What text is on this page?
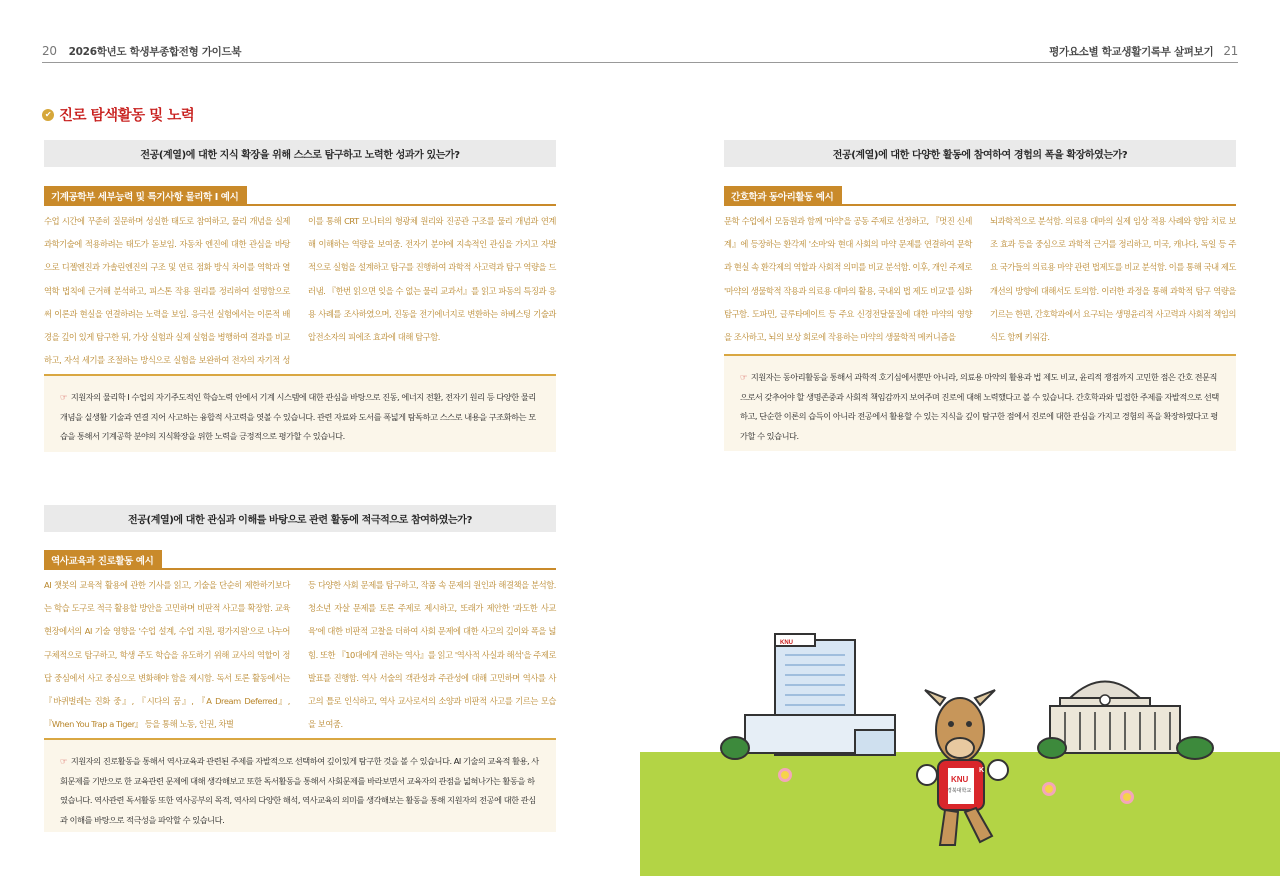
20 2026학년도 학생부종합전형 가이드북	평가요소별 학교생활기록부 살펴보기 21
✔ 진로 탐색활동 및 노력
전공(계열)에 대한 지식 확장을 위해 스스로 탐구하고 노력한 성과가 있는가?
기계공학부 세부능력 및 특기사항 물리학 Ⅰ 예시
수업 시간에 꾸준히 질문하며 성실한 태도로 참여하고, 물리 개념을 실제 과학기술에 적용하려는 태도가 돋보임. 자동차 엔진에 대한 관심을 바탕으로 디젤엔진과 가솔린엔진의 구조 및 연료 점화 방식 차이를 역학과 열역학 법칙에 근거해 분석하고, 피스톤 작용 원리를 정리하여 설명함으로써 이론과 현실을 연결하려는 노력을 보임. 응극선 실험에서는 이론적 배경을 깊이 있게 탐구한 뒤, 가상 실험과 실제 실험을 병행하여 결과를 비교하고, 자석 세기를 조절하는 방식으로 실험을 보완하여 전자의 자기적 성
이를 통해 CRT 모니터의 형광체 원리와 진공관 구조를 물리 개념과 연계해 이해하는 역량을 보여줌. 전자기 분야에 지속적인 관심을 가지고 자발적으로 실험을 설계하고 탐구를 진행하여 과학적 사고력과 탐구 역량을 드러냄. 『한번 읽으면 잊을 수 없는 물리 교과서』를 읽고 파동의 특징과 응용 사례를 조사하였으며, 진동을 전기에너지로 변환하는 하베스팅 기술과 압전소자의 피에조 효과에 대해 탐구함.
☞ 지원자의 물리학 Ⅰ 수업의 자기주도적인 학습노력 안에서 기계 시스템에 대한 관심을 바탕으로 진동, 에너지 전환, 전자기 원리 등 다양한 물리 개념을 실생활 기술과 연결 지어 사고하는 융합적 사고력을 엿볼 수 있습니다. 관련 자료와 도서를 폭넓게 탐독하고 스스로 내용을 구조화하는 모습을 통해서 기계공학 분야의 지식확장을 위한 노력을 긍정적으로 평가할 수 있습니다.
전공(계열)에 대한 관심과 이해를 바탕으로 관련 활동에 적극적으로 참여하였는가?
역사교육과 진로활동 예시
AI 챗봇의 교육적 활용에 관한 기사를 읽고, 기술을 단순히 제한하기보다는 학습 도구로 적극 활용할 방안을 고민하며 비판적 사고를 확장함. 교육 현장에서의 AI 기술 영향을 '수업 설계, 수업 지원, 평가지원'으로 나누어 구체적으로 탐구하고, 학생 주도 학습을 유도하기 위해 교사의 역할이 정답 중심에서 사고 중심으로 변화해야 함을 제시함. 독서 토론 활동에서는 『바퀴벌레는 진화 중』, 『시다의 꿈』, 『A Dream Deferred』, 『When You Trap a Tiger』 등을 통해 노동, 인권, 차별
등 다양한 사회 문제를 탐구하고, 작품 속 문제의 원인과 해결책을 분석함. 청소년 자살 문제를 토론 주제로 제시하고, 또래가 제안한 '과도한 사교육'에 대한 비판적 고찰을 더하여 사회 문제에 대한 사고의 깊이와 폭을 넓힘. 또한 『10대에게 권하는 역사』를 읽고 '역사적 사실과 해석'을 주제로 발표를 진행함. 역사 서술의 객관성과 주관성에 대해 고민하며 역사를 사고의 틀로 인식하고, 역사 교사로서의 소양과 비판적 사고를 기르는 모습을 보여줌.
☞ 지원자의 진로활동을 통해서 역사교육과 관련된 주제를 자발적으로 선택하여 깊이있게 탐구한 것을 볼 수 있습니다. AI 기술의 교육적 활용, 사회문제를 기반으로 한 교육관련 문제에 대해 생각해보고 또한 독서활동을 통해서 사회문제를 바라보면서 교육자의 관점을 넓혀나가는 활동을 하였습니다. 역사관련 독서활동 또한 역사공부의 목적, 역사의 다양한 해석, 역사교육의 의미를 생각해보는 활동을 통해 지원자의 전공에 대한 관심과 이해를 바탕으로 적극성을 파악할 수 있습니다.
전공(계열)에 대한 다양한 활동에 참여하여 경험의 폭을 확장하였는가?
간호학과 동아리활동 예시
문학 수업에서 모둠원과 함께 '마약'을 공동 주제로 선정하고, 『멋진 신세계』에 등장하는 환각제 '소마'와 현대 사회의 마약 문제를 연결하여 문학과 현실 속 환각제의 역할과 사회적 의미를 비교 분석함. 이후, 개인 주제로 '마약의 생물학적 작용과 의료용 대마의 활용, 국내외 법 제도 비교'를 심화 탐구함. 도파민, 글루타메이트 등 주요 신경전달물질에 대한 마약의 영향을 조사하고, 뇌의 보상 회로에 작용하는 마약의 생물학적 메커니즘을
뇌과학적으로 분석함. 의료용 대마의 실제 임상 적용 사례와 향암 치료 보조 효과 등을 중심으로 과학적 근거를 정리하고, 미국, 캐나다, 독일 등 주요 국가들의 의료용 마약 관련 법제도를 비교 분석함. 이를 통해 국내 제도 개선의 방향에 대해서도 토의함. 이러한 과정을 통해 과학적 탐구 역량을 기르는 한편, 간호학과에서 요구되는 생명윤리적 사고력과 사회적 책임의식도 함께 키워감.
☞ 지원자는 동아리활동을 통해서 과학적 호기심에서뿐만 아니라, 의료용 마약의 활용과 법 제도 비교, 윤리적 쟁점까지 고민한 점은 간호 전문직으로서 갖추어야 할 생명존중과 사회적 책임감까지 보여주며 진로에 대해 노력했다고 볼 수 있습니다. 간호학과와 밀접한 주제를 자발적으로 선택하고, 단순한 이론의 습득이 아니라 전공에서 활용할 수 있는 지식을 깊이 탐구한 점에서 진로에 대한 관심을 가지고 경험의 폭을 확장하였다고 평가할 수 있습니다.
KNU
KNU
경북대학교
K
